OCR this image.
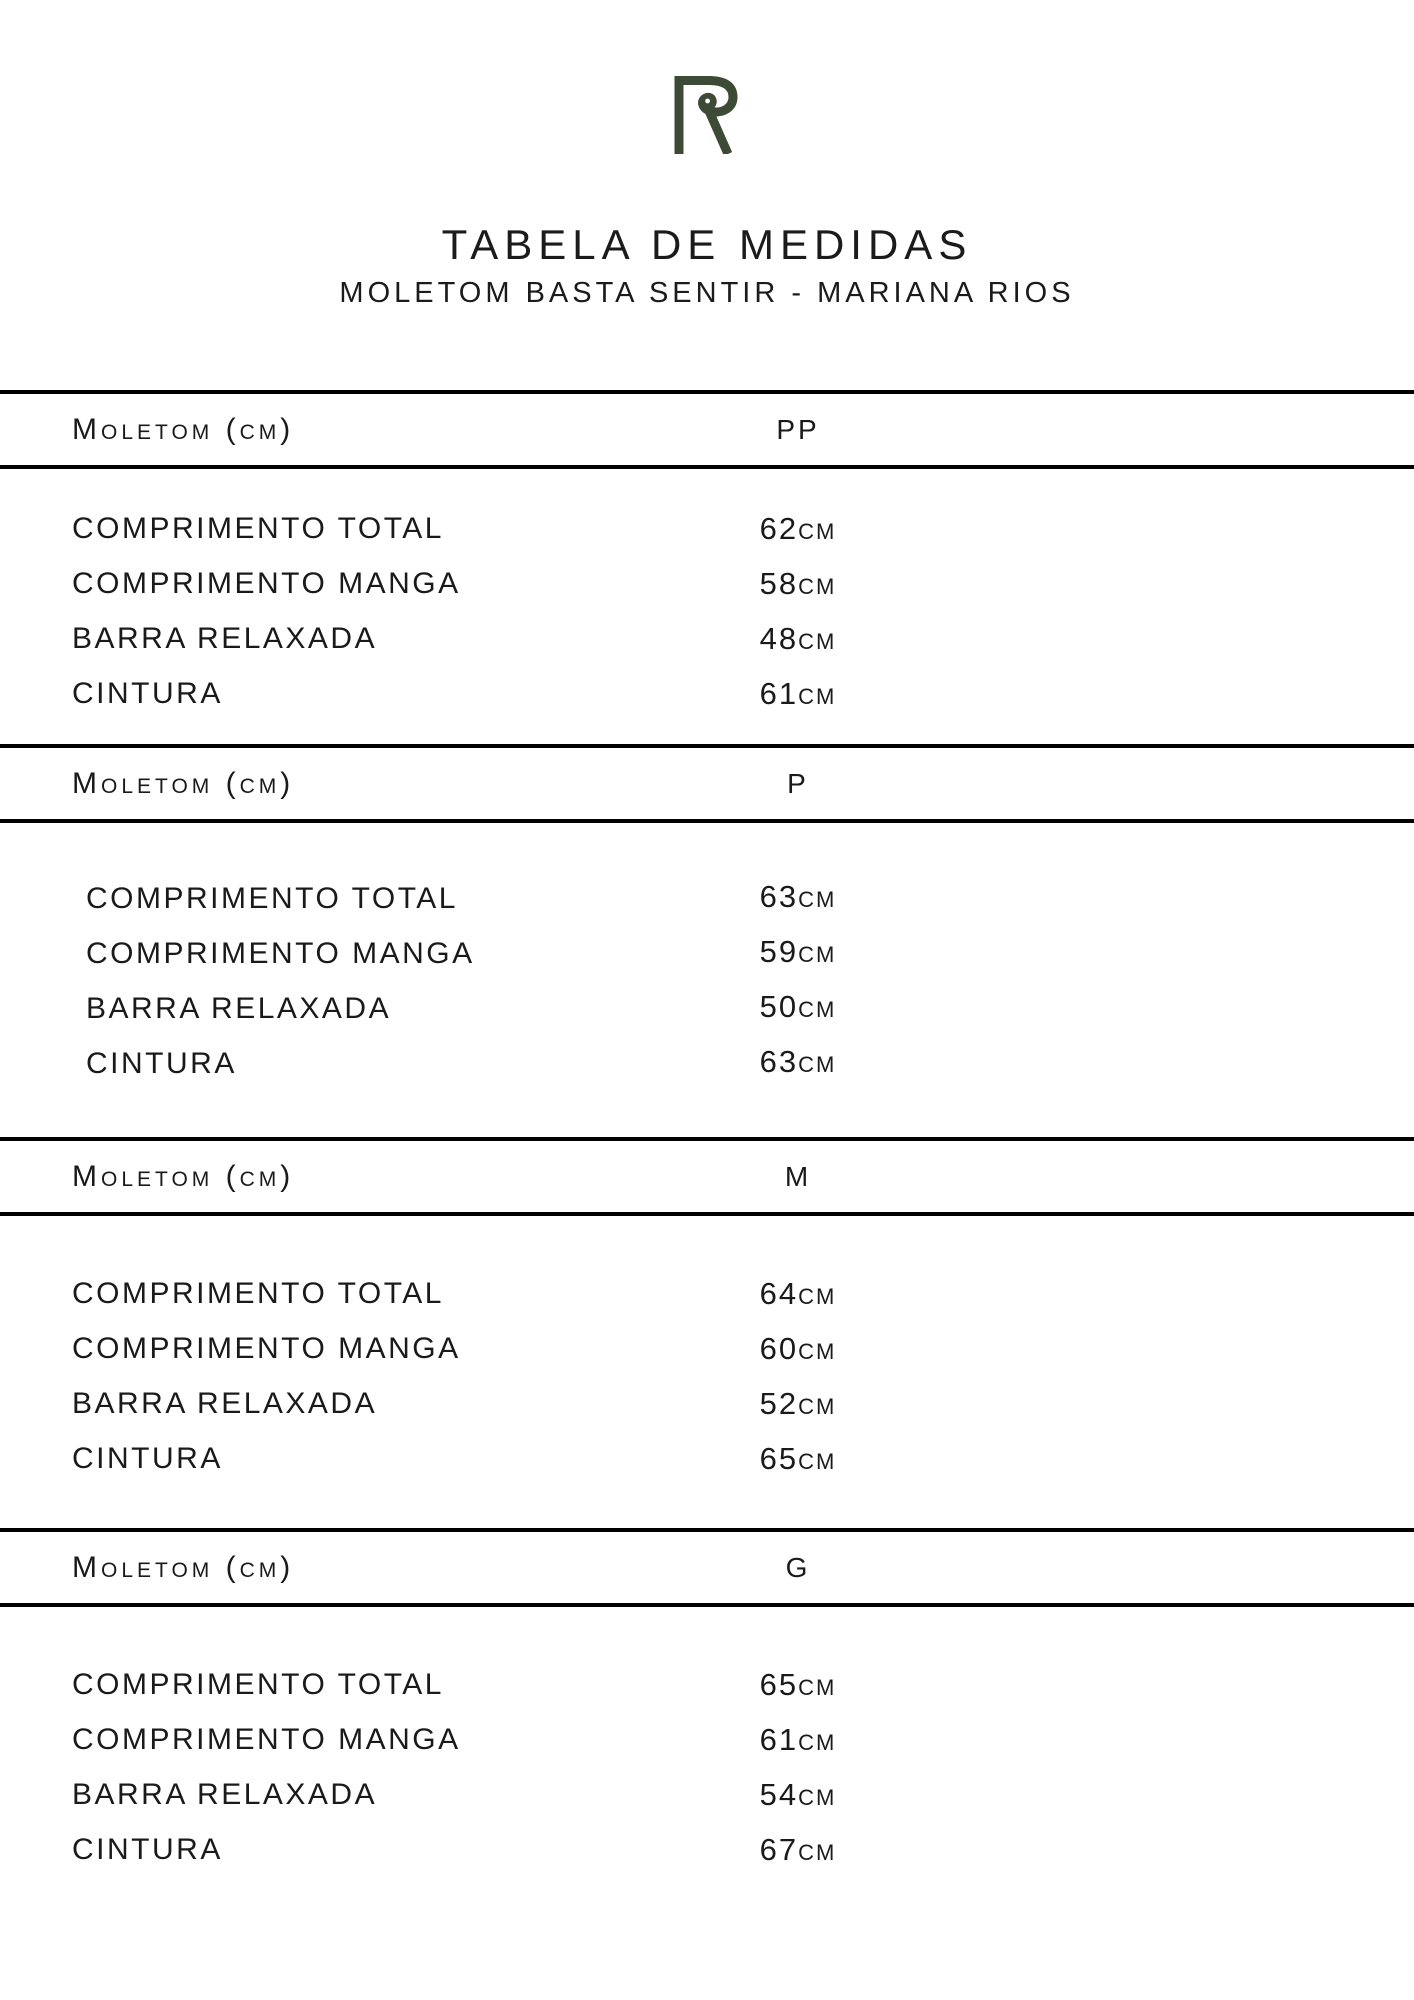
TABELA DE MEDIDAS
MOLETOM BASTA SENTIR - MARIANA RIOS
Moletom (cm)	PP
COMPRIMENTO TOTAL	62cm
COMPRIMENTO MANGA	58cm
BARRA RELAXADA	48cm
CINTURA	61cm
Moletom (cm)	P
COMPRIMENTO TOTAL	63cm
COMPRIMENTO MANGA	59cm
BARRA RELAXADA	50cm
CINTURA	63cm
Moletom (cm)	M
COMPRIMENTO TOTAL	64cm
COMPRIMENTO MANGA	60cm
BARRA RELAXADA	52cm
CINTURA	65cm
Moletom (cm)	G
COMPRIMENTO TOTAL	65cm
COMPRIMENTO MANGA	61cm
BARRA RELAXADA	54cm
CINTURA	67cm
